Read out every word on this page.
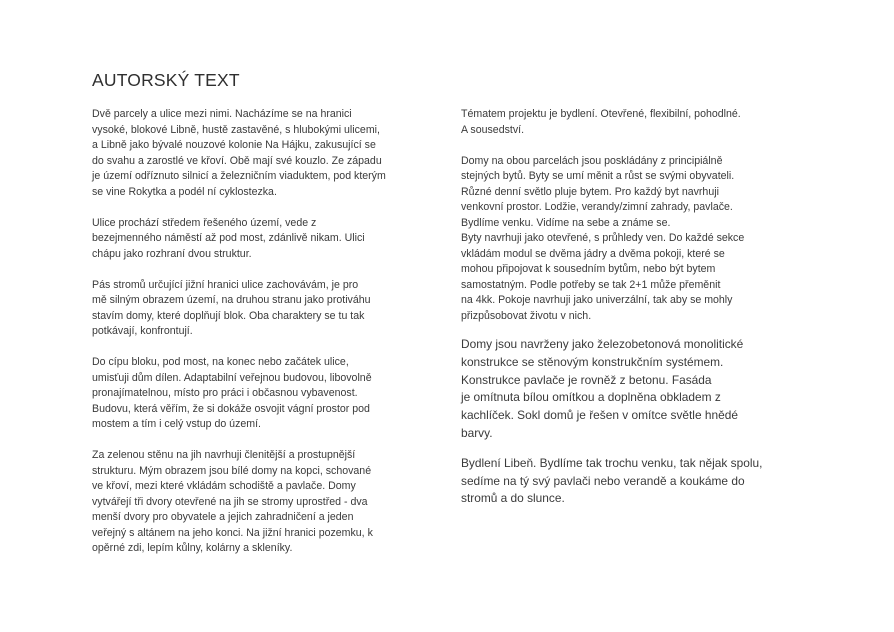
AUTORSKÝ TEXT

Dvě parcely a ulice mezi nimi. Nacházíme se na hranici
vysoké, blokové Libně, hustě zastavěné, s hlubokými ulicemi,
a Libně jako bývalé nouzové kolonie Na Hájku, zakusující se
do svahu a zarostlé ve křoví. Obě mají své kouzlo. Ze západu
je území odříznuto silnicí a železničním viaduktem, pod kterým
se vine Rokytka a podél ní cyklostezka.

Ulice prochází středem řešeného území, vede z
bezejmenného náměstí až pod most, zdánlivě nikam. Ulici
chápu jako rozhraní dvou struktur.

Pás stromů určující jižní hranici ulice zachovávám, je pro
mě silným obrazem území, na druhou stranu jako protiváhu
stavím domy, které doplňují blok. Oba charaktery se tu tak
potkávají, konfrontují.

Do cípu bloku, pod most, na konec nebo začátek ulice,
umisťuji dům dílen. Adaptabilní veřejnou budovou, libovolně
pronajímatelnou, místo pro práci i občasnou vybavenost.
Budovu, která věřím, že si dokáže osvojit vágní prostor pod
mostem a tím i celý vstup do území.

Za zelenou stěnu na jih navrhuji členitější a prostupnější
strukturu. Mým obrazem jsou bílé domy na kopci, schované
ve křoví, mezi které vkládám schodiště a pavlače. Domy
vytvářejí tři dvory otevřené na jih se stromy uprostřed - dva
menší dvory pro obyvatele a jejich zahradničení a jeden
veřejný s altánem na jeho konci. Na jižní hranici pozemku, k
opěrné zdi, lepím kůlny, kolárny a skleníky.

Tématem projektu je bydlení. Otevřené, flexibilní, pohodlné.
A sousedství.

Domy na obou parcelách jsou poskládány z principiálně
stejných bytů. Byty se umí měnit a růst se svými obyvateli.
Různé denní světlo pluje bytem. Pro každý byt navrhuji
venkovní prostor. Lodžie, verandy/zimní zahrady, pavlače.
Bydlíme venku. Vidíme na sebe a známe se.
Byty navrhuji jako otevřené, s průhledy ven. Do každé sekce
vkládám modul se dvěma jádry a dvěma pokoji, které se
mohou připojovat k sousedním bytům, nebo být bytem
samostatným. Podle potřeby se tak 2+1 může přeměnit
na 4kk. Pokoje navrhuji jako univerzální, tak aby se mohly
přizpůsobovat životu v nich.

Domy jsou navrženy jako železobetonová monolitické
konstrukce se stěnovým konstrukčním systémem.
Konstrukce pavlače je rovněž z betonu. Fasáda
je omítnuta bílou omítkou a doplněna obkladem z
kachlíček. Sokl domů je řešen v omítce světle hnědé
barvy.

Bydlení Libeň. Bydlíme tak trochu venku, tak nějak spolu,
sedíme na tý svý pavlači nebo verandě a koukáme do
stromů a do slunce.
